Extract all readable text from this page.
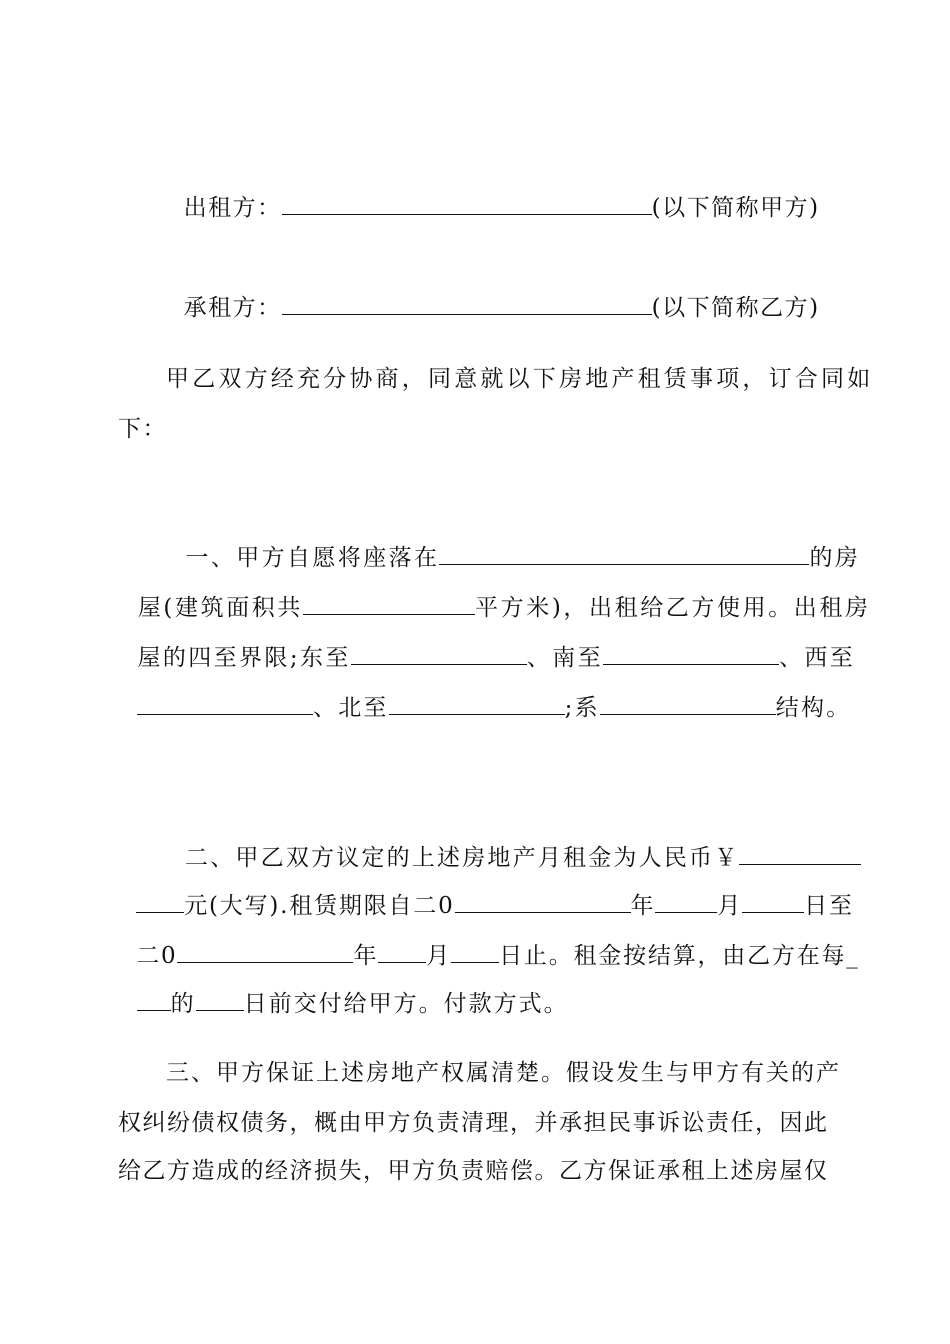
出租方：	(以下简称甲方)

承租方：	(以下简称乙方)

甲乙双方经充分协商，同意就以下房地产租赁事项，订合同如
下：

一、甲方自愿将座落在	的房

屋(建筑面积共	平方米)，出租给乙方使用。出租房

屋的四至界限;东至	、南至	、西至

、北至	;系	结构。

二、甲乙双方议定的上述房地产月租金为人民币￥

元(大写).租赁期限自二0	年	月	日至

二0	年 月 日止。租金按结算，由乙方在每_

的 日前交付给甲方。付款方式。

三、甲方保证上述房地产权属清楚。假设发生与甲方有关的产
权纠纷债权债务，概由甲方负责清理，并承担民事诉讼责任，因此
给乙方造成的经济损失，甲方负责赔偿。乙方保证承租上述房屋仅
